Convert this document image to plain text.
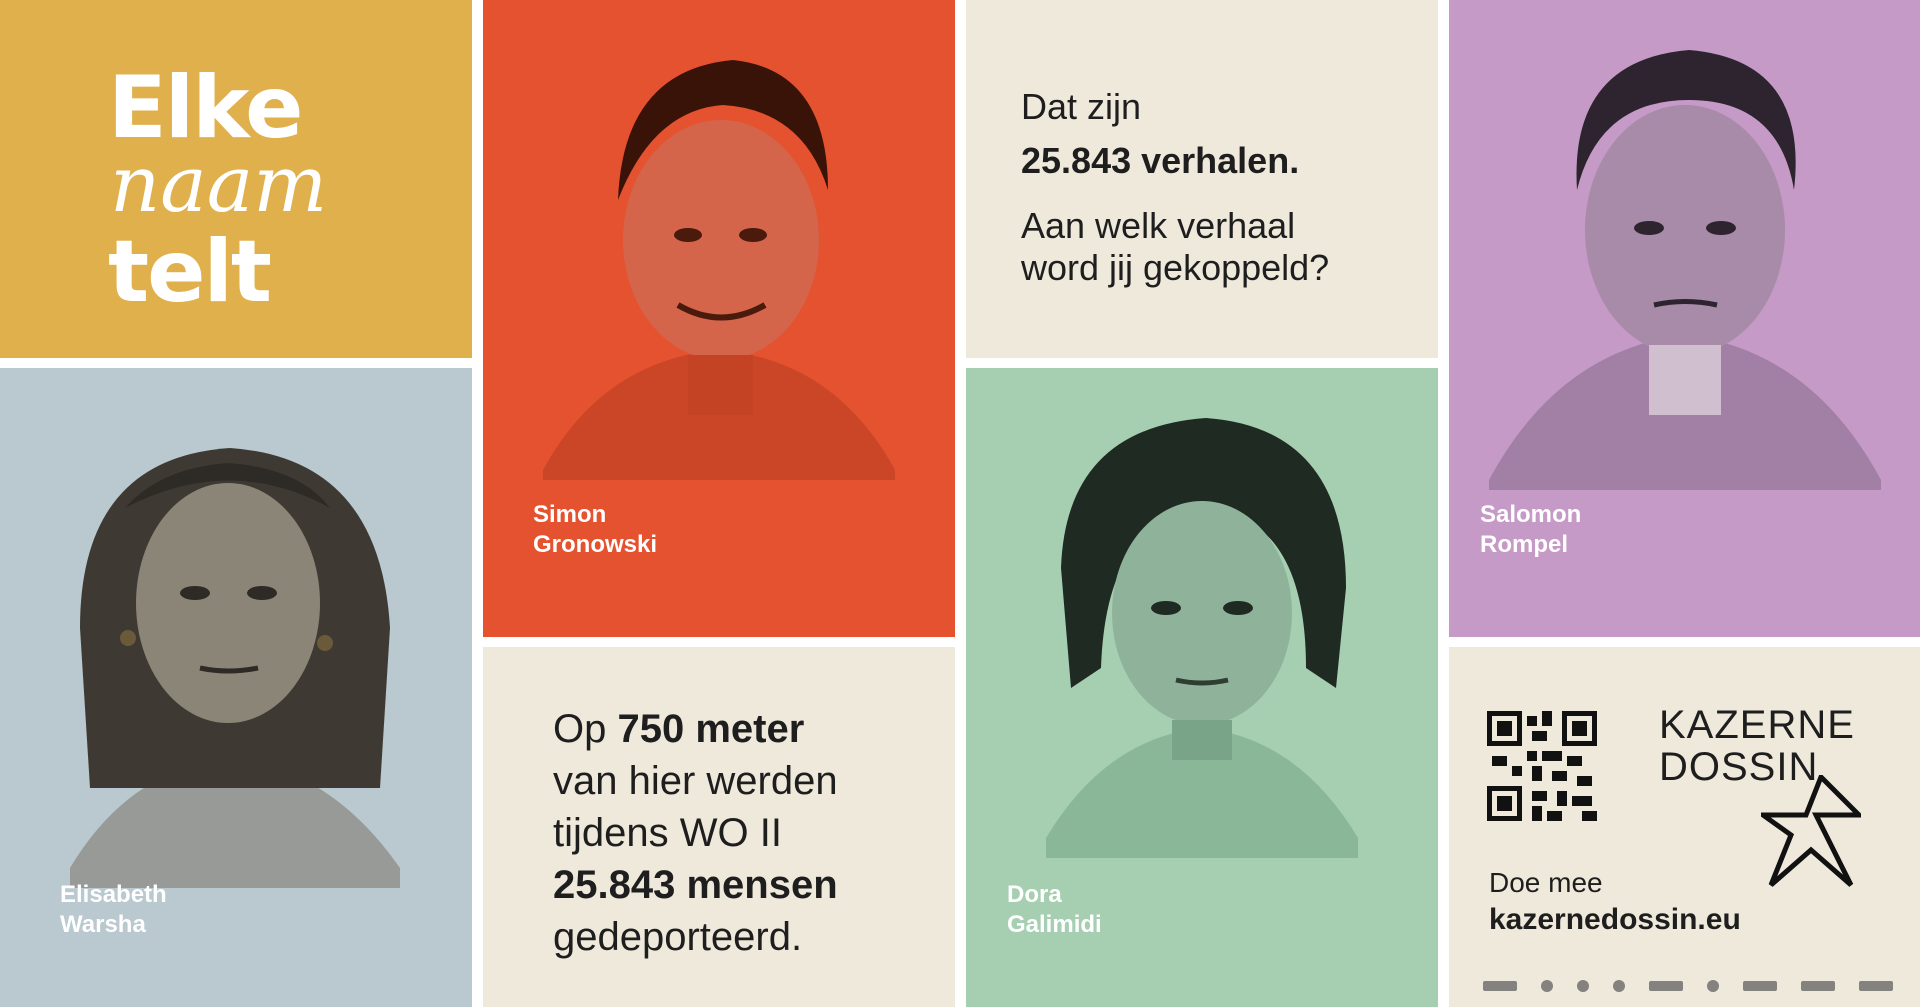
Elke
naam
telt
Simon
Gronowski
Dat zijn
25.843 verhalen.
Aan welk verhaal
word jij gekoppeld?
Salomon
Rompel
Elisabeth
Warsha
Op 750 meter
van hier werden
tijdens WO II
25.843 mensen
gedeporteerd.
Dora
Galimidi
KAZERNE
DOSSIN
Doe mee
kazernedossin.eu
